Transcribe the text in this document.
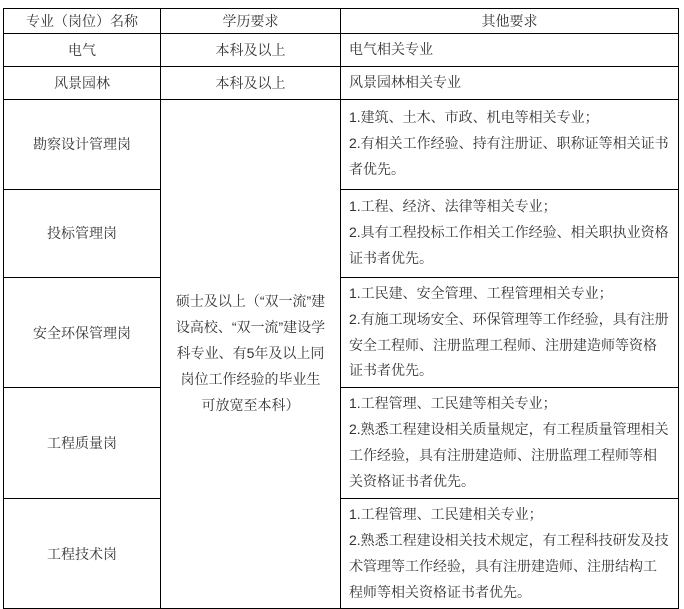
专业（岗位）名称	学历要求	其他要求
电气	本科及以上	电气相关专业
风景园林	本科及以上	风景园林相关专业
勘察设计管理岗	硕士及以上（“双一流”建设高校、“双一流”建设学科专业、有5年及以上同岗位工作经验的毕业生可放宽至本科）	1.建筑、土木、市政、机电等相关专业；
2.有相关工作经验、持有注册证、职称证等相关证书者优先。

投标管理岗		1.工程、经济、法律等相关专业；
2.具有工程投标工作相关工作经验、相关职执业资格证书者优先。

安全环保管理岗		1.工民建、安全管理、工程管理相关专业；
2.有施工现场安全、环保管理等工作经验，具有注册安全工程师、注册监理工程师、注册建造师等资格证书者优先。

工程质量岗		1.工程管理、工民建等相关专业；
2.熟悉工程建设相关质量规定，有工程质量管理相关工作经验，具有注册建造师、注册监理工程师等相关资格证书者优先。

工程技术岗		1.工程管理、工民建相关专业；
2.熟悉工程建设相关技术规定，有工程科技研发及技术管理等工作经验，具有注册建造师、注册结构工程师等相关资格证书者优先。
